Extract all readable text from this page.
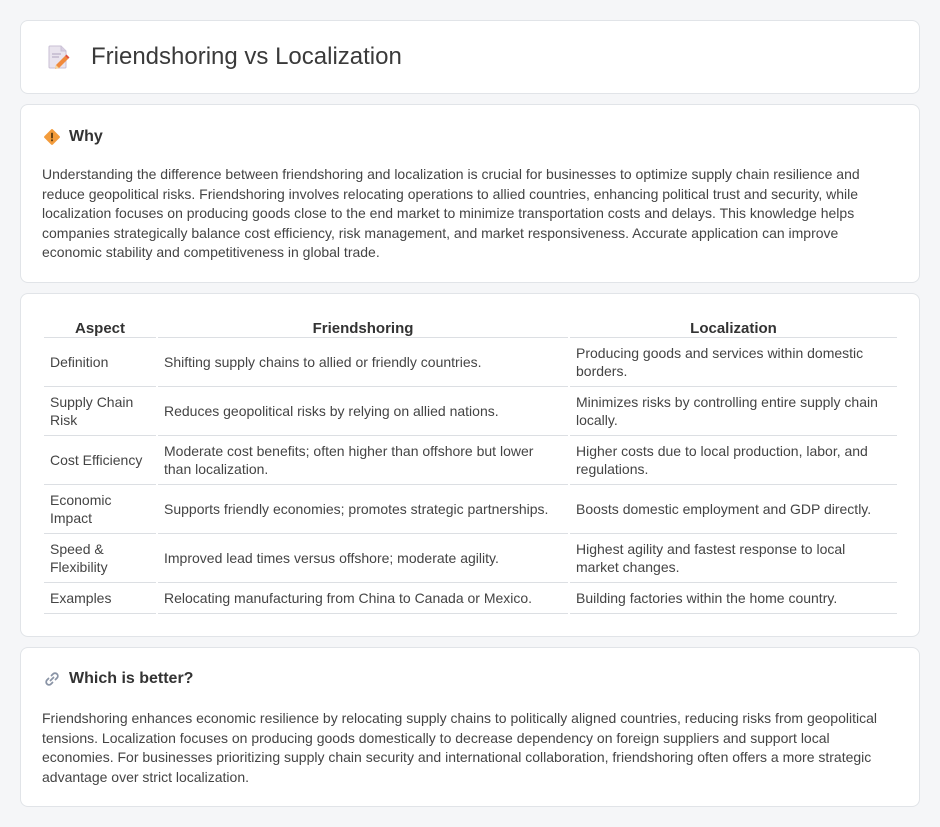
Friendshoring vs Localization
Why

Understanding the difference between friendshoring and localization is crucial for businesses to optimize supply chain resilience and reduce geopolitical risks. Friendshoring involves relocating operations to allied countries, enhancing political trust and security, while localization focuses on producing goods close to the end market to minimize transportation costs and delays. This knowledge helps companies strategically balance cost efficiency, risk management, and market responsiveness. Accurate application can improve economic stability and competitiveness in global trade.

Aspect	Friendshoring	Localization
Definition	Shifting supply chains to allied or friendly countries.	Producing goods and services within domestic borders.
Supply Chain Risk	Reduces geopolitical risks by relying on allied nations.	Minimizes risks by controlling entire supply chain locally.
Cost Efficiency	Moderate cost benefits; often higher than offshore but lower than localization.	Higher costs due to local production, labor, and regulations.
Economic Impact	Supports friendly economies; promotes strategic partnerships.	Boosts domestic employment and GDP directly.
Speed & Flexibility	Improved lead times versus offshore; moderate agility.	Highest agility and fastest response to local market changes.
Examples	Relocating manufacturing from China to Canada or Mexico.	Building factories within the home country.
Which is better?

Friendshoring enhances economic resilience by relocating supply chains to politically aligned countries, reducing risks from geopolitical tensions. Localization focuses on producing goods domestically to decrease dependency on foreign suppliers and support local economies. For businesses prioritizing supply chain security and international collaboration, friendshoring often offers a more strategic advantage over strict localization.
